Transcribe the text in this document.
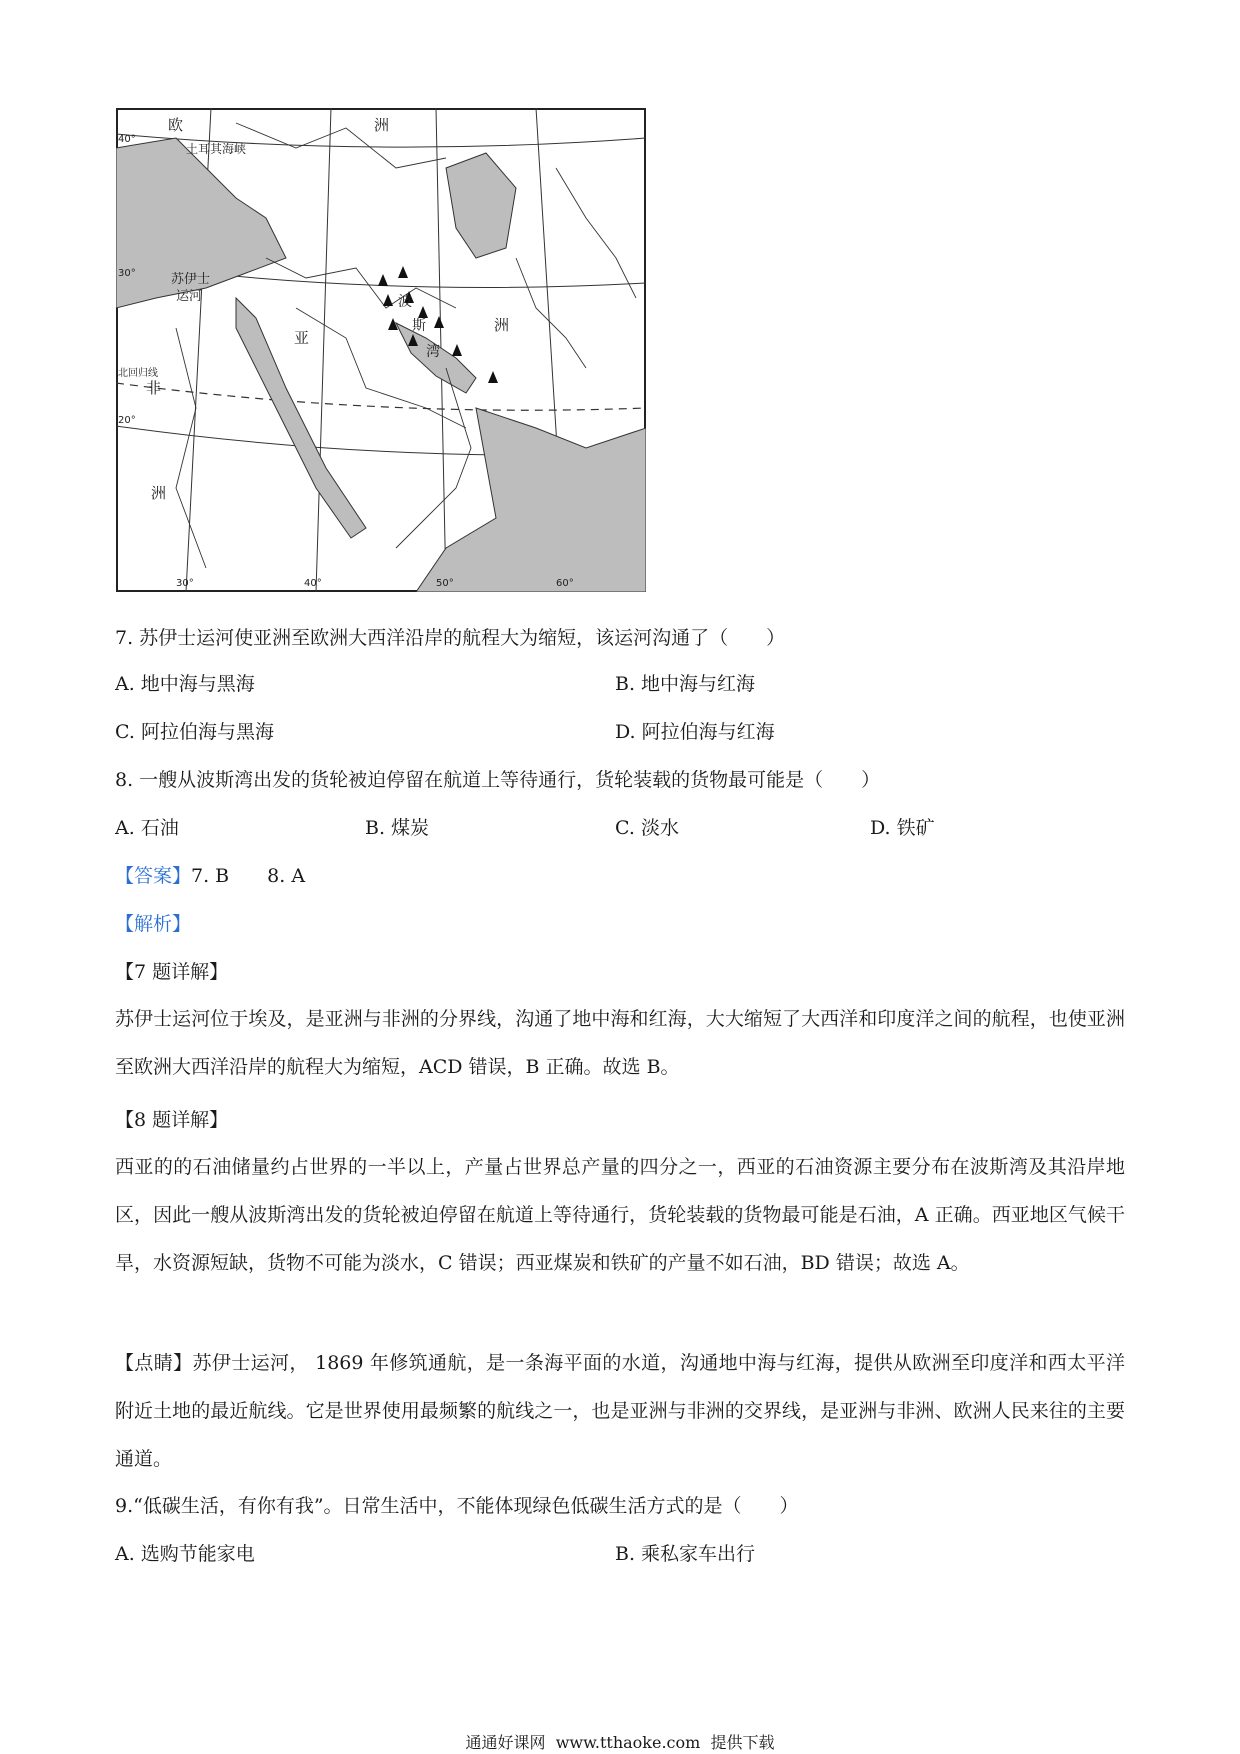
欧	洲
土耳其海峡
苏伊士
运河
亚
洲
非
洲
波
斯
湾
北回归线
40°
30°
20°
30°	40°	50°	60°
7. 苏伊士运河使亚洲至欧洲大西洋沿岸的航程大为缩短，该运河沟通了（　　）
A. 地中海与黑海	B. 地中海与红海
C. 阿拉伯海与黑海	D. 阿拉伯海与红海
8. 一艘从波斯湾出发的货轮被迫停留在航道上等待通行，货轮装载的货物最可能是（　　）
A. 石油	B. 煤炭	C. 淡水	D. 铁矿
【答案】7. B　　8. A
【解析】
【7 题详解】
苏伊士运河位于埃及，是亚洲与非洲的分界线，沟通了地中海和红海，大大缩短了大西洋和印度洋之间的航程，也使亚洲至欧洲大西洋沿岸的航程大为缩短，ACD 错误，B 正确。故选 B。
【8 题详解】
西亚的的石油储量约占世界的一半以上，产量占世界总产量的四分之一，西亚的石油资源主要分布在波斯湾及其沿岸地区，因此一艘从波斯湾出发的货轮被迫停留在航道上等待通行，货轮装载的货物最可能是石油，A 正确。西亚地区气候干旱，水资源短缺，货物不可能为淡水，C 错误；西亚煤炭和铁矿的产量不如石油，BD 错误；故选 A。
【点睛】苏伊士运河， 1869 年修筑通航，是一条海平面的水道，沟通地中海与红海，提供从欧洲至印度洋和西太平洋附近土地的最近航线。它是世界使用最频繁的航线之一，也是亚洲与非洲的交界线，是亚洲与非洲、欧洲人民来往的主要通道。
9.“低碳生活，有你有我”。日常生活中，不能体现绿色低碳生活方式的是（　　）
A. 选购节能家电	B. 乘私家车出行
通通好课网 www.tthaoke.com 提供下载
